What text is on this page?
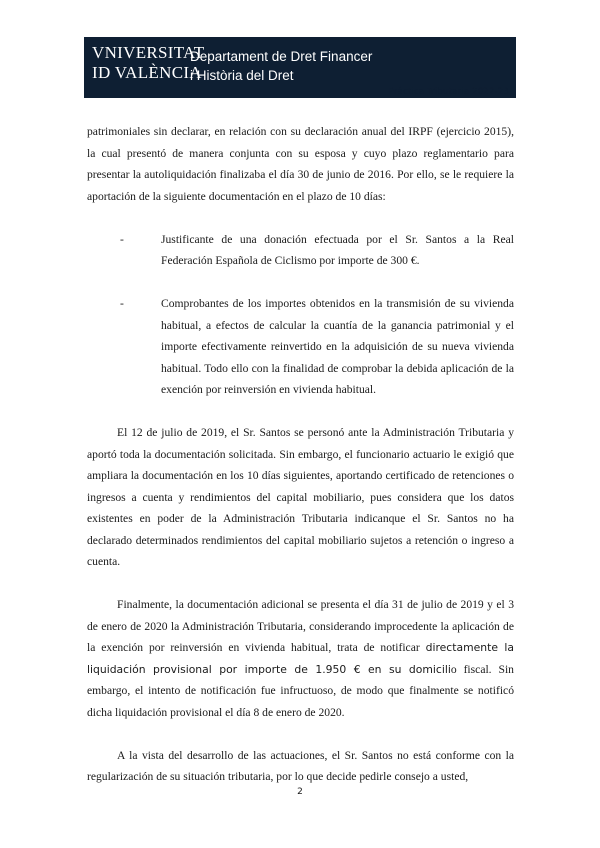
VNIVERSITAT
ID VALÈNCIA
Departament de Dret Financer
i Història del Dret
Práctica Tributaria 2022-23

patrimoniales sin declarar, en relación con su declaración anual del IRPF (ejercicio 2015), la cual presentó de manera conjunta con su esposa y cuyo plazo reglamentario para presentar la autoliquidación finalizaba el día 30 de junio de 2016. Por ello, se le requiere la aportación de la siguiente documentación en el plazo de 10 días:

-	Justificante de una donación efectuada por el Sr. Santos a la Real Federación Española de Ciclismo por importe de 300 €.

-	Comprobantes de los importes obtenidos en la transmisión de su vivienda habitual, a efectos de calcular la cuantía de la ganancia patrimonial y el importe efectivamente reinvertido en la adquisición de su nueva vivienda habitual. Todo ello con la finalidad de comprobar la debida aplicación de la exención por reinversión en vivienda habitual.

El 12 de julio de 2019, el Sr. Santos se personó ante la Administración Tributaria y aportó toda la documentación solicitada. Sin embargo, el funcionario actuario le exigió que ampliara la documentación en los 10 días siguientes, aportando certificado de retenciones o ingresos a cuenta y rendimientos del capital mobiliario, pues considera que los datos existentes en poder de la Administración Tributaria indicanque el Sr. Santos no ha declarado determinados rendimientos del capital mobiliario sujetos a retención o ingreso a cuenta.

Finalmente, la documentación adicional se presenta el día 31 de julio de 2019 y el 3 de enero de 2020 la Administración Tributaria, considerando improcedente la aplicación de la exención por reinversión en vivienda habitual, trata de notificar directamente la liquidación provisional por importe de 1.950 € en su domicilio fiscal. Sin embargo, el intento de notificación fue infructuoso, de modo que finalmente se notificó dicha liquidación provisional el día 8 de enero de 2020.

A la vista del desarrollo de las actuaciones, el Sr. Santos no está conforme con la regularización de su situación tributaria, por lo que decide pedirle consejo a usted,

2
